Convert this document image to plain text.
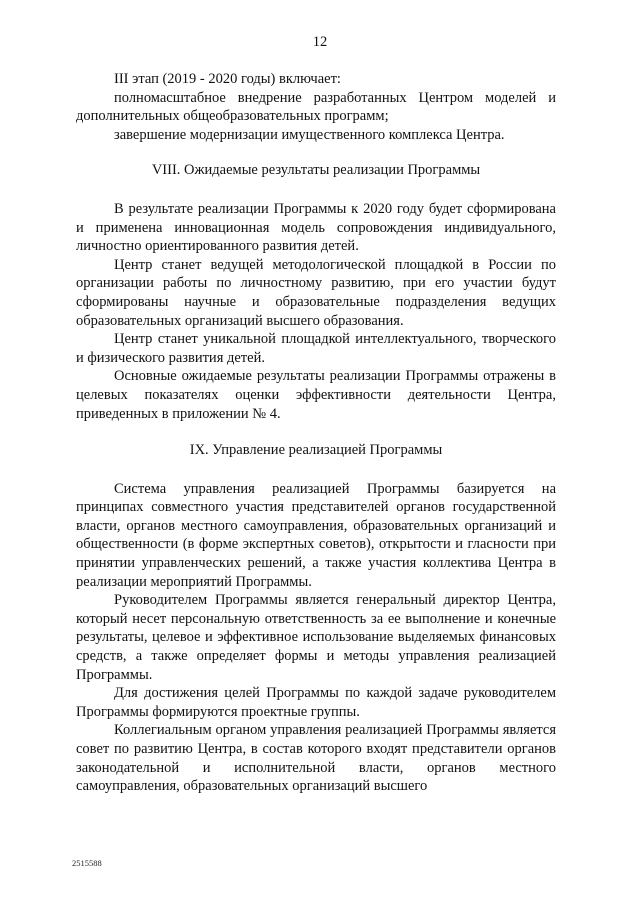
12

III этап (2019 - 2020 годы) включает:

полномасштабное внедрение разработанных Центром моделей и дополнительных общеобразовательных программ;

завершение модернизации имущественного комплекса Центра.

VIII. Ожидаемые результаты реализации Программы

В результате реализации Программы к 2020 году будет сформирована и применена инновационная модель сопровождения индивидуального, личностно ориентированного развития детей.

Центр станет ведущей методологической площадкой в России по организации работы по личностному развитию, при его участии будут сформированы научные и образовательные подразделения ведущих образовательных организаций высшего образования.

Центр станет уникальной площадкой интеллектуального, творческого и физического развития детей.

Основные ожидаемые результаты реализации Программы отражены в целевых показателях оценки эффективности деятельности Центра, приведенных в приложении № 4.

IX. Управление реализацией Программы

Система управления реализацией Программы базируется на принципах совместного участия представителей органов государственной власти, органов местного самоуправления, образовательных организаций и общественности (в форме экспертных советов), открытости и гласности при принятии управленческих решений, а также участия коллектива Центра в реализации мероприятий Программы.

Руководителем Программы является генеральный директор Центра, который несет персональную ответственность за ее выполнение и конечные результаты, целевое и эффективное использование выделяемых финансовых средств, а также определяет формы и методы управления реализацией Программы.

Для достижения целей Программы по каждой задаче руководителем Программы формируются проектные группы.

Коллегиальным органом управления реализацией Программы является совет по развитию Центра, в состав которого входят представители органов законодательной и исполнительной власти, органов местного самоуправления, образовательных организаций высшего

2515588
